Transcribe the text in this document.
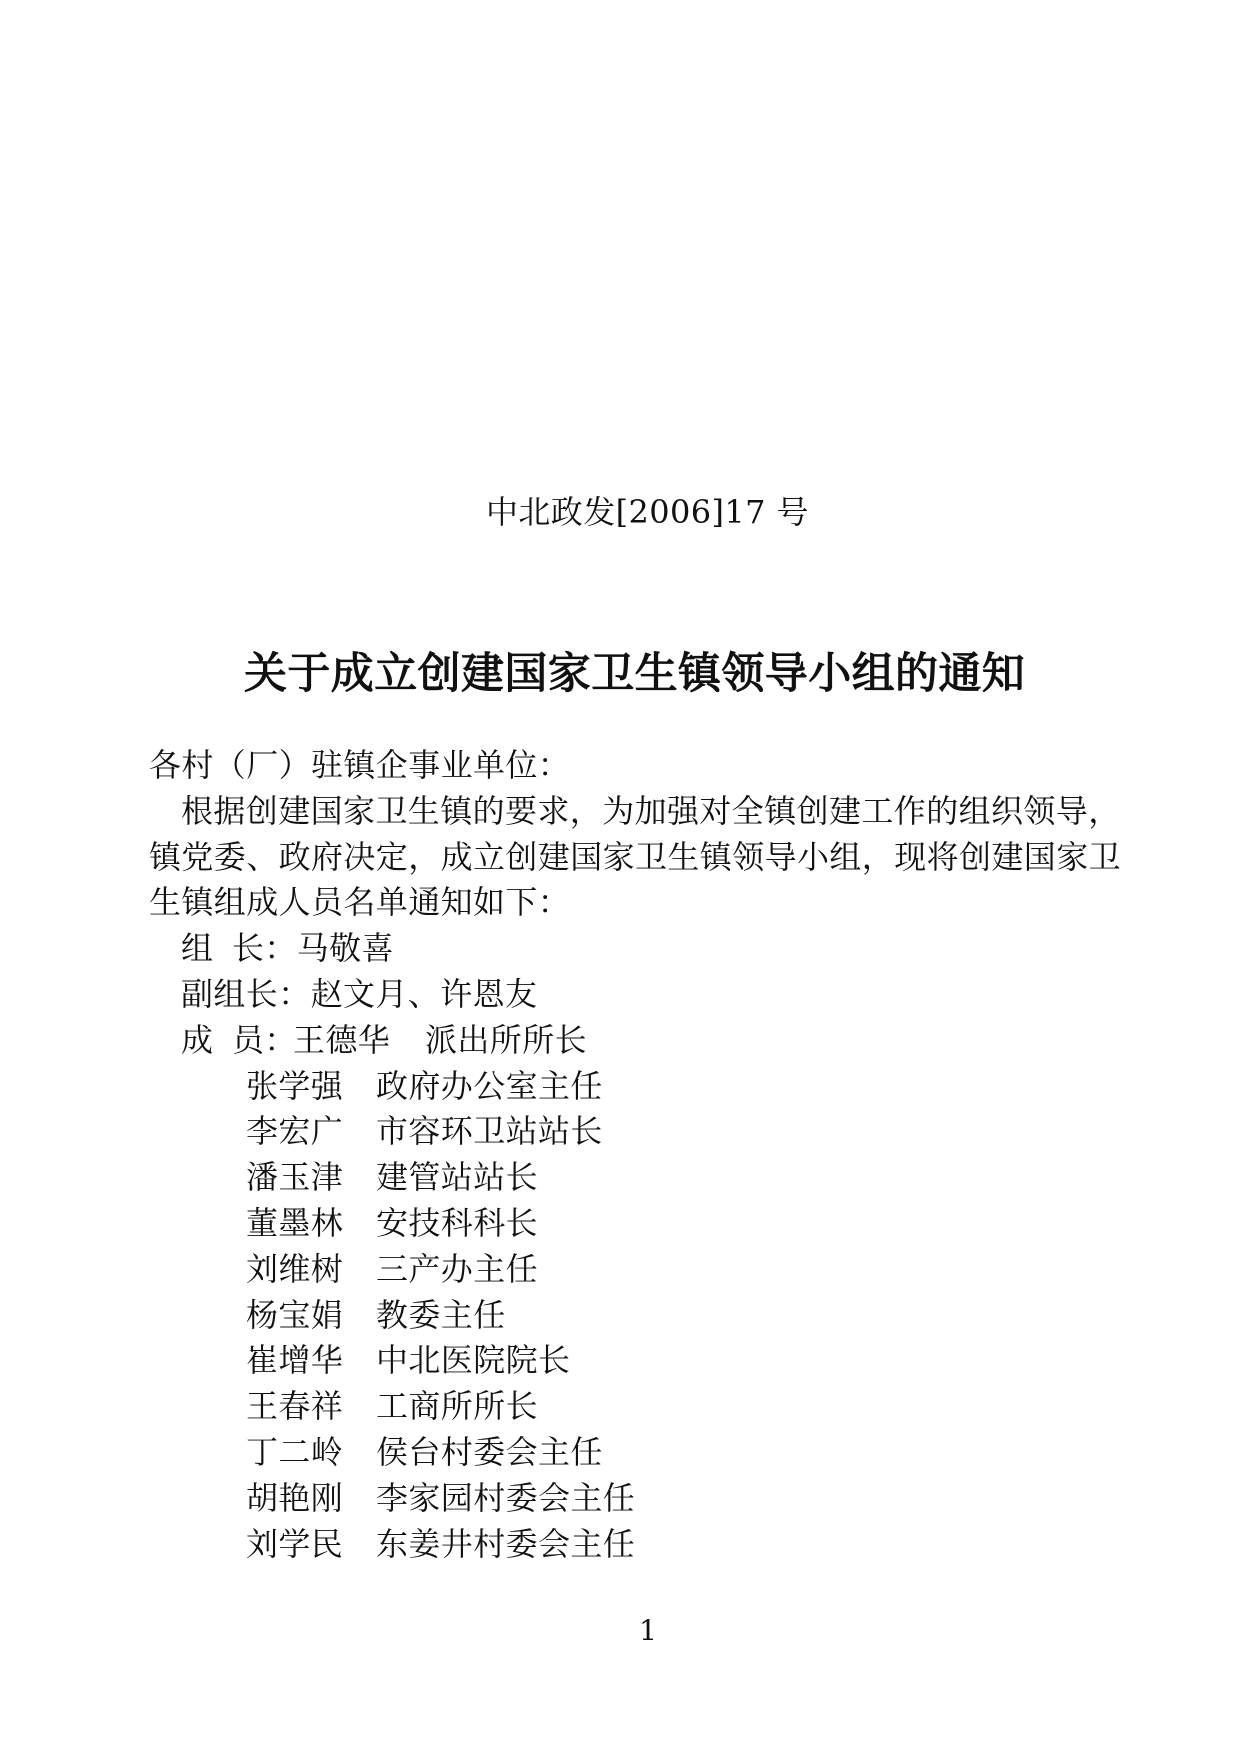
中北政发[2006]17 号
关于成立创建国家卫生镇领导小组的通知
各村（厂）驻镇企事业单位：
根据创建国家卫生镇的要求，为加强对全镇创建工作的组织领导，
镇党委、政府决定，成立创建国家卫生镇领导小组，现将创建国家卫
生镇组成人员名单通知如下：
组 长：马敬喜
副组长：赵文月、许恩友
成 员：
王德华 派出所所长
张学强 政府办公室主任
李宏广 市容环卫站站长
潘玉津 建管站站长
董墨林 安技科科长
刘维树 三产办主任
杨宝娟 教委主任
崔增华 中北医院院长
王春祥 工商所所长
丁二岭 侯台村委会主任
胡艳刚 李家园村委会主任
刘学民 东姜井村委会主任
1
